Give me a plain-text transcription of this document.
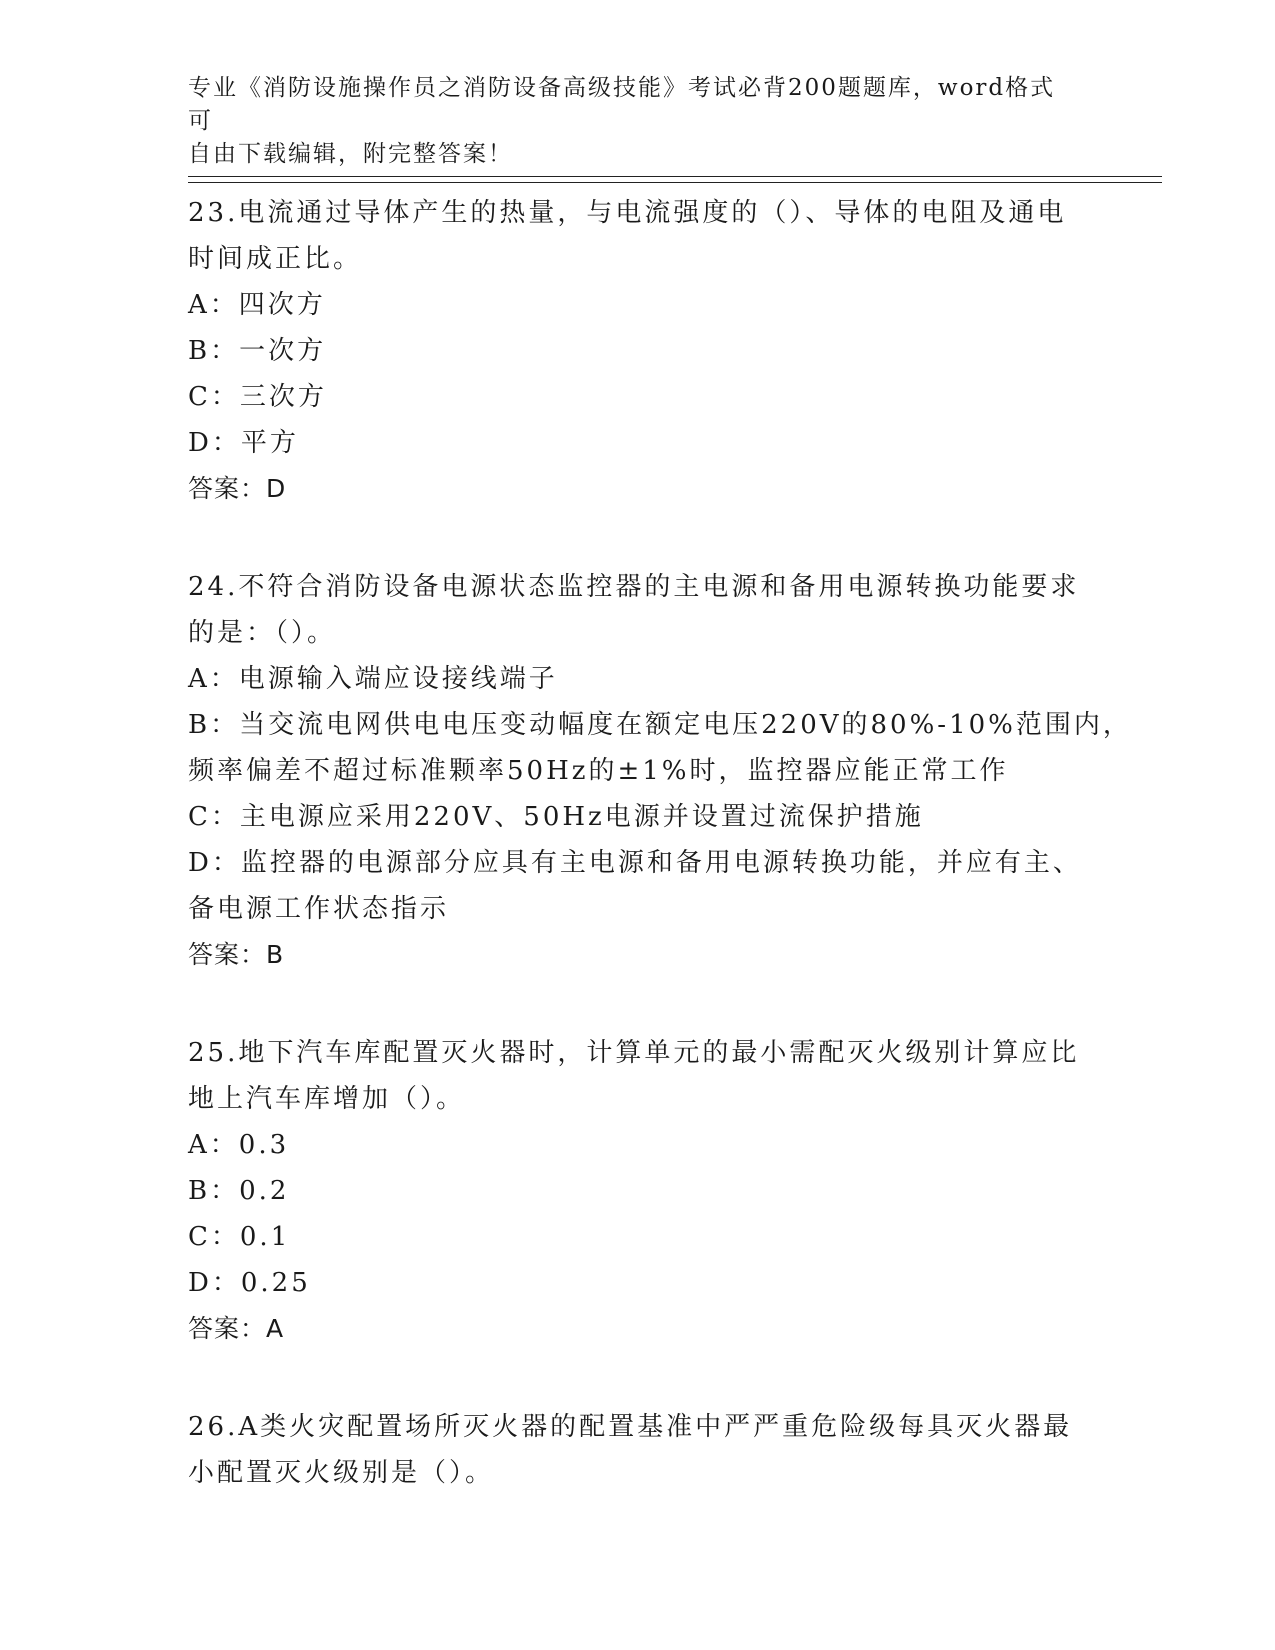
专业《消防设施操作员之消防设备高级技能》考试必背200题题库，word格式可
自由下载编辑，附完整答案！
23.电流通过导体产生的热量，与电流强度的（）、导体的电阻及通电
时间成正比。
A：四次方
B：一次方
C：三次方
D：平方
答案：D
24.不符合消防设备电源状态监控器的主电源和备用电源转换功能要求
的是：（）。
A：电源输入端应设接线端子
B：当交流电网供电电压变动幅度在额定电压220V的80%-10%范围内，
频率偏差不超过标准颗率50Hz的±1%时，监控器应能正常工作
C：主电源应采用220V、50Hz电源并设置过流保护措施
D：监控器的电源部分应具有主电源和备用电源转换功能，并应有主、
备电源工作状态指示
答案：B
25.地下汽车库配置灭火器时，计算单元的最小需配灭火级别计算应比
地上汽车库增加（）。
A：0.3
B：0.2
C：0.1
D：0.25
答案：A
26.A类火灾配置场所灭火器的配置基准中严严重危险级每具灭火器最
小配置灭火级别是（）。
